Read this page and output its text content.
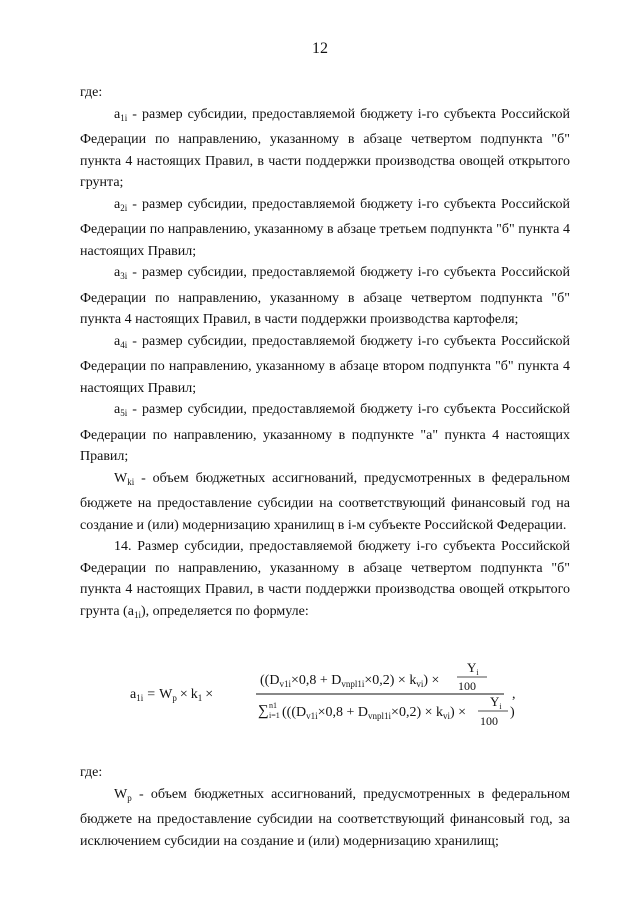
12

где:

$a_{1i}$ - размер субсидии, предоставляемой бюджету i-го субъекта Российской Федерации по направлению, указанному в абзаце четвертом подпункта "б" пункта 4 настоящих Правил, в части поддержки производства овощей открытого грунта;

$a_{2i}$ - размер субсидии, предоставляемой бюджету i-го субъекта Российской Федерации по направлению, указанному в абзаце третьем подпункта "б" пункта 4 настоящих Правил;

$a_{3i}$ - размер субсидии, предоставляемой бюджету i-го субъекта Российской Федерации по направлению, указанному в абзаце четвертом подпункта "б" пункта 4 настоящих Правил, в части поддержки производства картофеля;

$a_{4i}$ - размер субсидии, предоставляемой бюджету i-го субъекта Российской Федерации по направлению, указанному в абзаце втором подпункта "б" пункта 4 настоящих Правил;

$a_{5i}$ - размер субсидии, предоставляемой бюджету i-го субъекта Российской Федерации по направлению, указанному в подпункте "а" пункта 4 настоящих Правил;

$W_{ki}$ - объем бюджетных ассигнований, предусмотренных в федеральном бюджете на предоставление субсидии на соответствующий финансовый год на создание и (или) модернизацию хранилищ в i-м субъекте Российской Федерации.

14. Размер субсидии, предоставляемой бюджету i-го субъекта Российской Федерации по направлению, указанному в абзаце четвертом подпункта "б" пункта 4 настоящих Правил, в части поддержки производства овощей открытого грунта $(a_{1i})$, определяется по формуле:

$a_{1i} = W_p \times k_1$ ×
$((D_{v1i}\times 0,8 + D_{vnpl1i}\times 0,2) \times k_{vi})$ ×
$Y_i$
100
∑ n1
i=1 ($((D_{v1i}\times 0,8 + D_{vnpl1i}\times 0,2) \times k_{vi})$ ×
$Y_i$
100
)
,

где:

$W_p$ - объем бюджетных ассигнований, предусмотренных в федеральном бюджете на предоставление субсидии на соответствующий финансовый год, за исключением субсидии на создание и (или) модернизацию хранилищ;
